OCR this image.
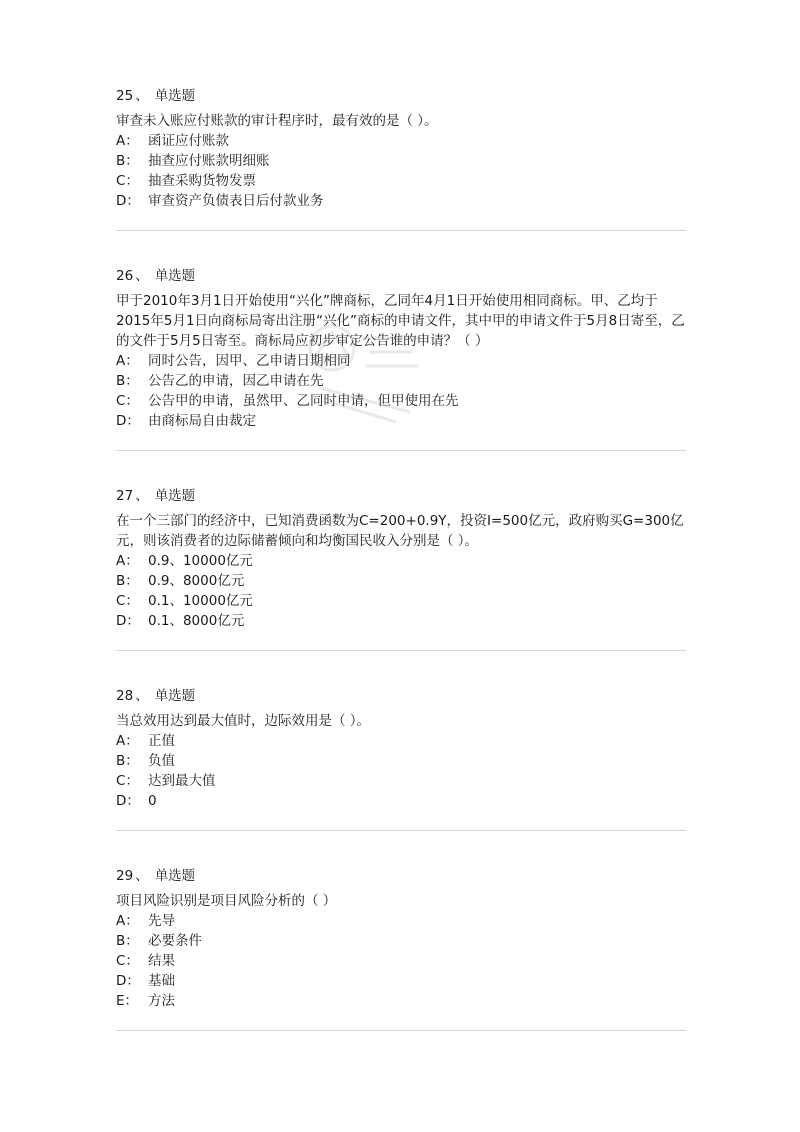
25 、 单选题

审查未入账应付账款的审计程序时，最有效的是（ ）。

A： 函证应付账款
B： 抽查应付账款明细账
C： 抽查采购货物发票
D： 审查资产负债表日后付款业务
26 、 单选题

甲于2010年3月1日开始使用“兴化”牌商标，乙同年4月1日开始使用相同商标。甲、乙均于2015年5月1日向商标局寄出注册“兴化”商标的申请文件，其中甲的申请文件于5月8日寄至，乙的文件于5月5日寄至。商标局应初步审定公告谁的申请？（ ）

A： 同时公告，因甲、乙申请日期相同
B： 公告乙的申请，因乙申请在先
C： 公告甲的申请，虽然甲、乙同时申请，但甲使用在先
D： 由商标局自由裁定
27 、 单选题

在一个三部门的经济中，已知消费函数为C=200+0.9Y，投资I=500亿元，政府购买G=300亿元，则该消费者的边际储蓄倾向和均衡国民收入分别是（ ）。

A： 0.9、10000亿元
B： 0.9、8000亿元
C： 0.1、10000亿元
D： 0.1、8000亿元
28 、 单选题

当总效用达到最大值时，边际效用是（ ）。

A： 正值
B： 负值
C： 达到最大值
D： 0
29 、 单选题

项目风险识别是项目风险分析的（ ）

A： 先导
B： 必要条件
C： 结果
D： 基础
E： 方法
